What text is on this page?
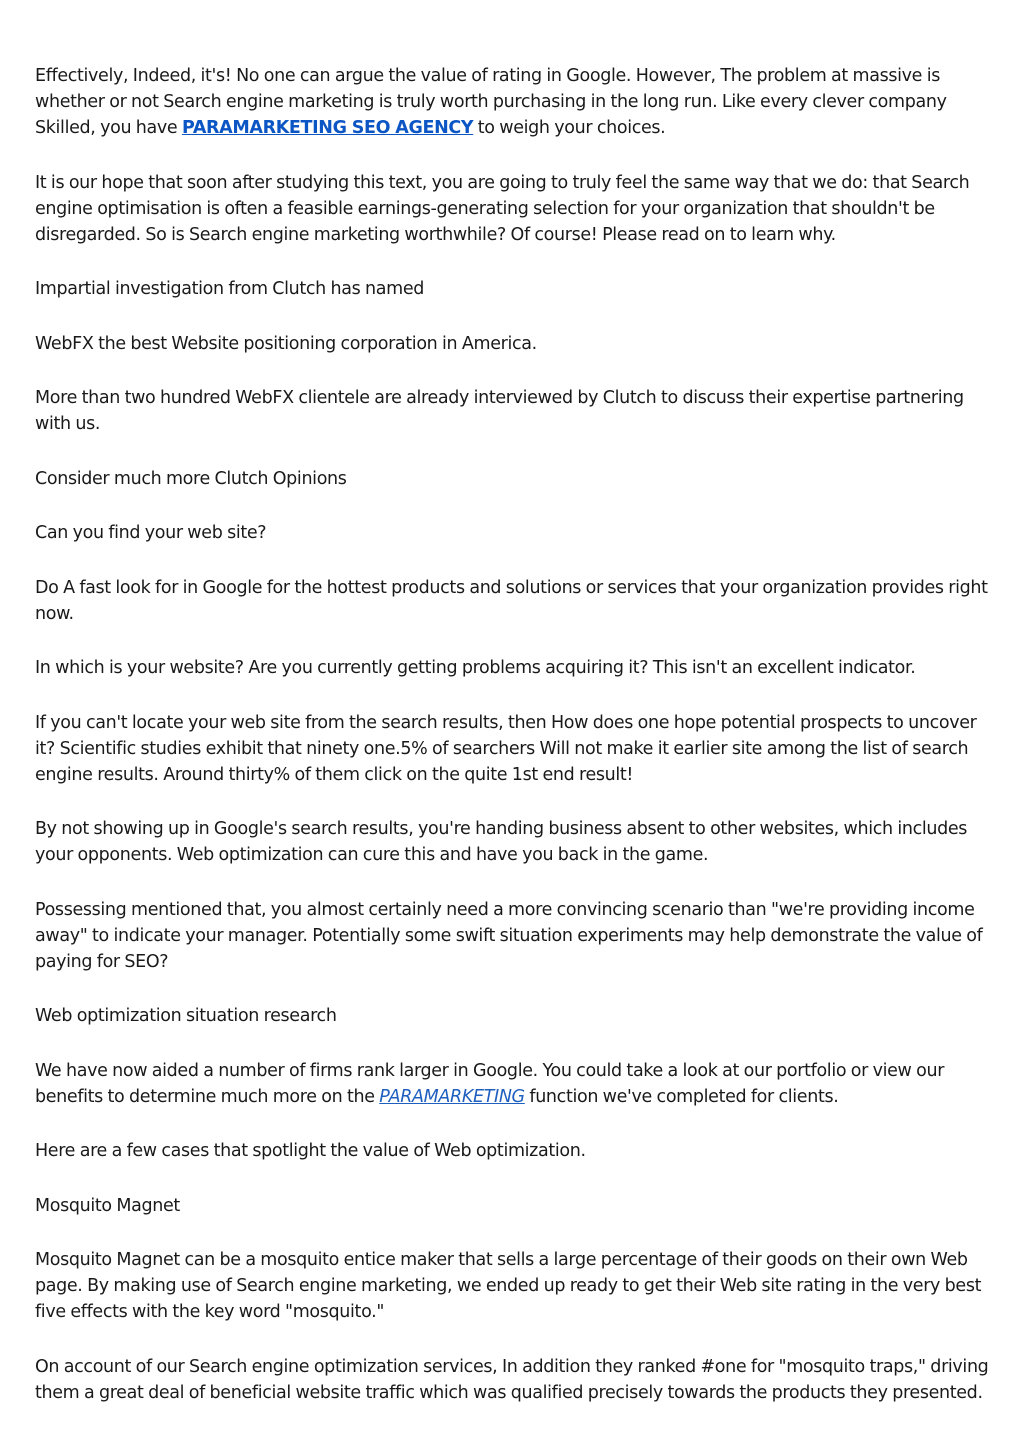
Effectively, Indeed, it's! No one can argue the value of rating in Google. However, The problem at massive is whether or not Search engine marketing is truly worth purchasing in the long run. Like every clever company Skilled, you have PARAMARKETING SEO AGENCY to weigh your choices.

It is our hope that soon after studying this text, you are going to truly feel the same way that we do: that Search engine optimisation is often a feasible earnings-generating selection for your organization that shouldn't be disregarded. So is Search engine marketing worthwhile? Of course! Please read on to learn why.

Impartial investigation from Clutch has named

WebFX the best Website positioning corporation in America.

More than two hundred WebFX clientele are already interviewed by Clutch to discuss their expertise partnering with us.

Consider much more Clutch Opinions

Can you find your web site?

Do A fast look for in Google for the hottest products and solutions or services that your organization provides right now.

In which is your website? Are you currently getting problems acquiring it? This isn't an excellent indicator.

If you can't locate your web site from the search results, then How does one hope potential prospects to uncover it? Scientific studies exhibit that ninety one.5% of searchers Will not make it earlier site among the list of search engine results. Around thirty% of them click on the quite 1st end result!

By not showing up in Google's search results, you're handing business absent to other websites, which includes your opponents. Web optimization can cure this and have you back in the game.

Possessing mentioned that, you almost certainly need a more convincing scenario than "we're providing income away" to indicate your manager. Potentially some swift situation experiments may help demonstrate the value of paying for SEO?

Web optimization situation research

We have now aided a number of firms rank larger in Google. You could take a look at our portfolio or view our benefits to determine much more on the PARAMARKETING function we've completed for clients.

Here are a few cases that spotlight the value of Web optimization.

Mosquito Magnet

Mosquito Magnet can be a mosquito entice maker that sells a large percentage of their goods on their own Web page. By making use of Search engine marketing, we ended up ready to get their Web site rating in the very best five effects with the key word "mosquito."

On account of our Search engine optimization services, In addition they ranked #one for "mosquito traps," driving them a great deal of beneficial website traffic which was qualified precisely towards the products they presented.
